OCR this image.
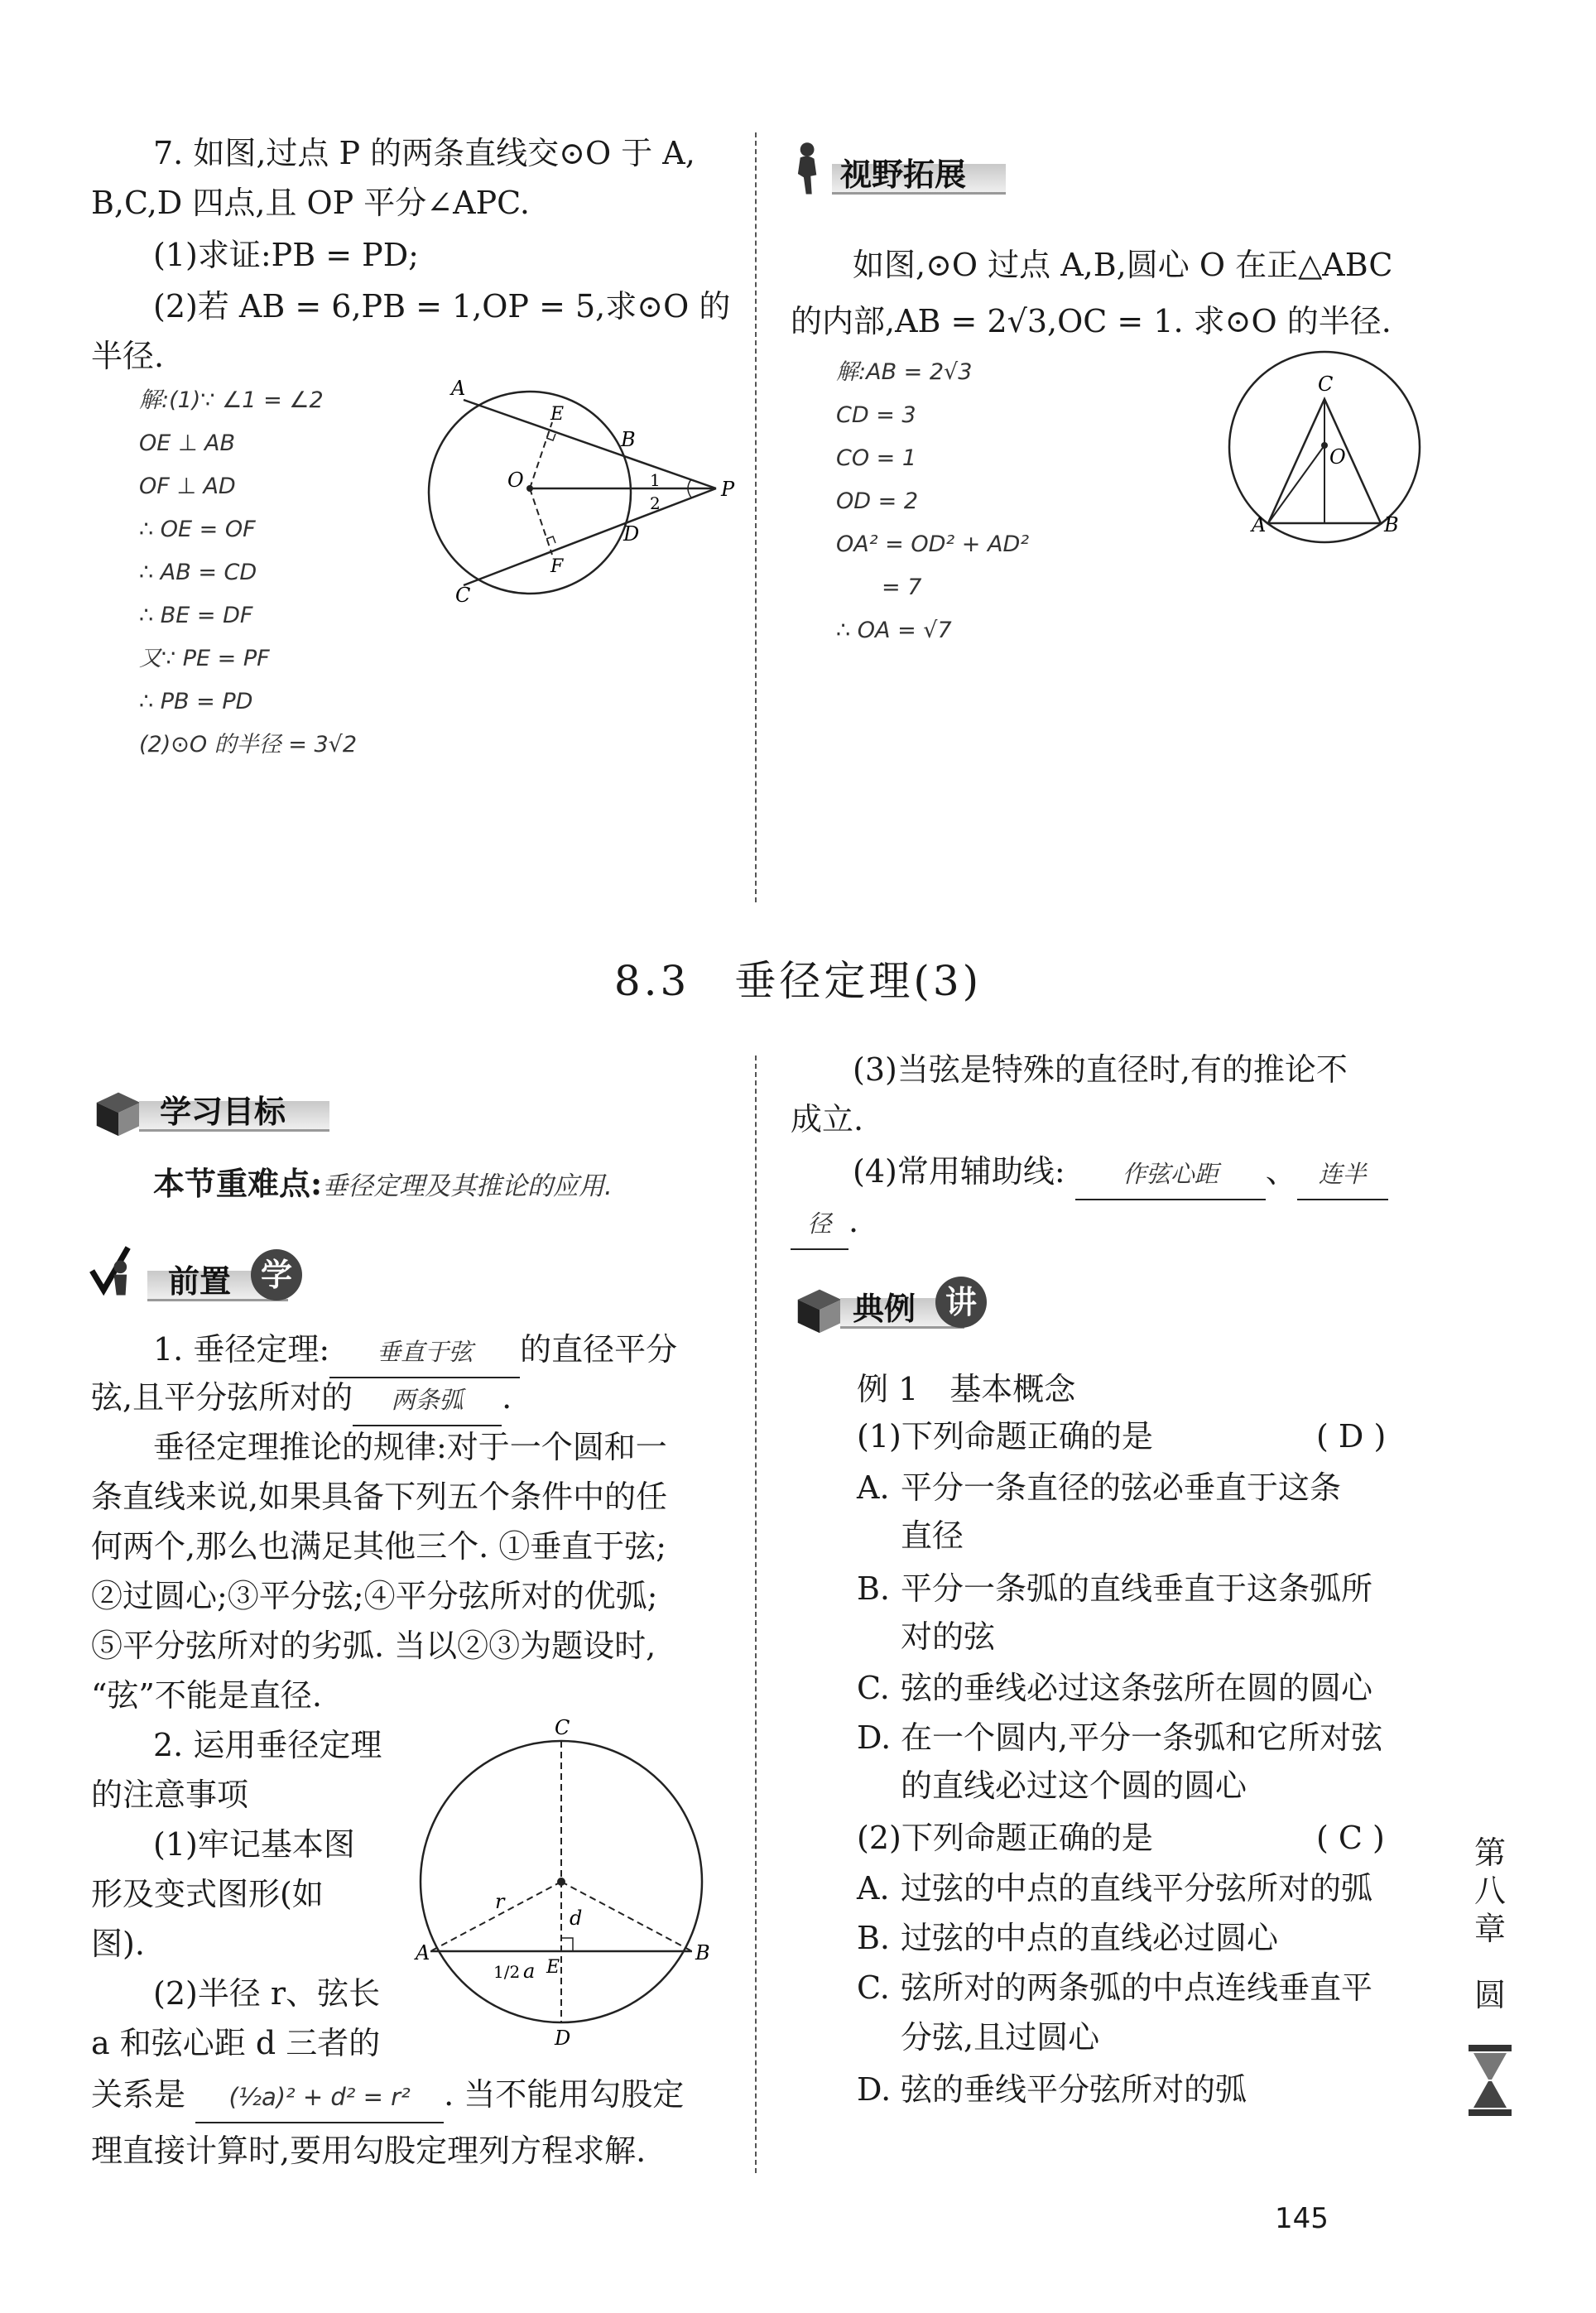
7. 如图,过点 P 的两条直线交⊙O 于 A,
B,C,D 四点,且 OP 平分∠APC.
(1)求证:PB = PD;
(2)若 AB = 6,PB = 1,OP = 5,求⊙O 的
半径.
解:(1)∵ ∠1 = ∠2
OE ⊥ AB
OF ⊥ AD
∴ OE = OF
∴ AB = CD
∴ BE = DF
又∵ PE = PF
∴ PB = PD
(2)⊙O 的半径 = 3√2
A
B
C
D
E
F
O	P
1
2
视野拓展
如图,⊙O 过点 A,B,圆心 O 在正△ABC
的内部,AB = 2√3,OC = 1. 求⊙O 的半径.
解:AB = 2√3
CD = 3
CO = 1
OD = 2
OA² = OD² + AD²
= 7
∴ OA = √7
C
O
A	B
8.3　垂径定理(3)
学习目标
本节重难点:垂径定理及其推论的应用.
前置 学
1. 垂径定理: 垂直于弦 的直径平分
弦,且平分弦所对的 两条弧 .
垂径定理推论的规律:对于一个圆和一
条直线来说,如果具备下列五个条件中的任
何两个,那么也满足其他三个. ①垂直于弦;
②过圆心;③平分弦;④平分弦所对的优弧;
⑤平分弦所对的劣弧. 当以②③为题设时,
“弦”不能是直径.
2. 运用垂径定理
的注意事项
(1)牢记基本图
形及变式图形(如
图).
(2)半径 r、弦长
a 和弦心距 d 三者的
C
D
A	B
E
r
d
1/2 a
关系是 (½a)² + d² = r² . 当不能用勾股定
理直接计算时,要用勾股定理列方程求解.
(3)当弦是特殊的直径时,有的推论不
成立.
(4)常用辅助线: 作弦心距 、 连半
径 .
典例 讲
例 1　基本概念
(1)下列命题正确的是	( D )
A. 平分一条直径的弦必垂直于这条
直径
B. 平分一条弧的直线垂直于这条弧所
对的弦
C. 弦的垂线必过这条弦所在圆的圆心
D. 在一个圆内,平分一条弧和它所对弦
的直线必过这个圆的圆心
(2)下列命题正确的是	( C )
A. 过弦的中点的直线平分弦所对的弧
B. 过弦的中点的直线必过圆心
C. 弦所对的两条弧的中点连线垂直平
分弦,且过圆心
D. 弦的垂线平分弦所对的弧
第
八
章
圆
145
